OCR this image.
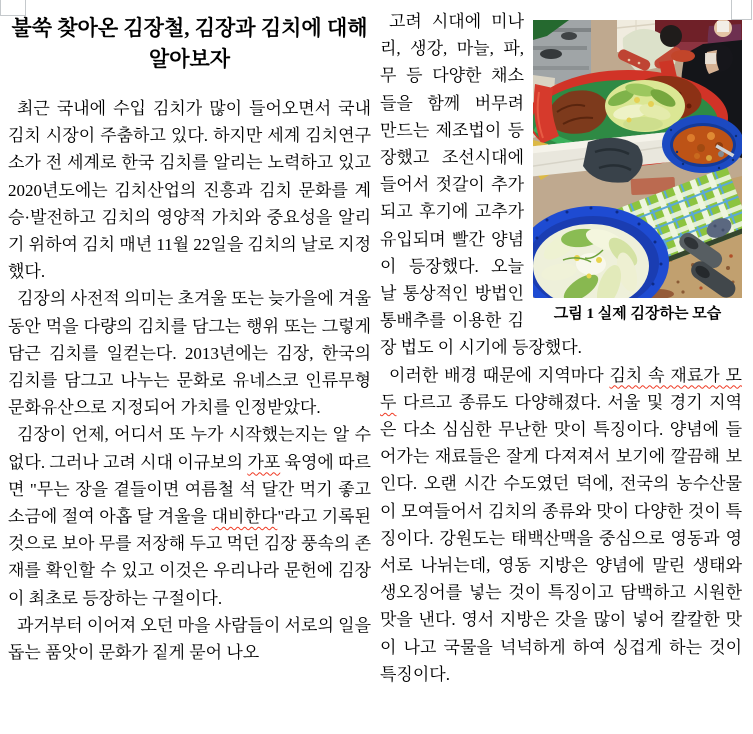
불쑥 찾아온 김장철, 김장과 김치에 대해 알아보자

최근 국내에 수입 김치가 많이 들어오면서 국내 김치 시장이 주춤하고 있다. 하지만 세계 김치연구소가 전 세계로 한국 김치를 알리는 노력하고 있고 2020년도에는 김치산업의 진흥과 김치 문화를 계승·발전하고 김치의 영양적 가치와 중요성을 알리기 위하여 김치 매년 11월 22일을 김치의 날로 지정했다.

김장의 사전적 의미는 초겨울 또는 늦가을에 겨울 동안 먹을 다량의 김치를 담그는 행위 또는 그렇게 담근 김치를 일컫는다. 2013년에는 김장, 한국의 김치를 담그고 나누는 문화로 유네스코 인류무형문화유산으로 지정되어 가치를 인정받았다.

김장이 언제, 어디서 또 누가 시작했는지는 알 수 없다. 그러나 고려 시대 이규보의 가포 육영에 따르면 "무는 장을 곁들이면 여름철 석 달간 먹기 좋고 소금에 절여 아홉 달 겨울을 대비한다"라고 기록된 것으로 보아 무를 저장해 두고 먹던 김장 풍속의 존재를 확인할 수 있고 이것은 우리나라 문헌에 김장이 최초로 등장하는 구절이다.

과거부터 이어져 오던 마을 사람들이 서로의 일을 돕는 품앗이 문화가 짙게 묻어 나오

그림 1 실제 김장하는 모습

고려 시대에 미나리, 생강, 마늘, 파, 무 등 다양한 채소들을 함께 버무려 만드는 제조법이 등장했고 조선시대에 들어서 젓갈이 추가되고 후기에 고추가 유입되며 빨간 양념이 등장했다. 오늘날 통상적인 방법인 통배추를 이용한 김장 법도 이 시기에 등장했다.

이러한 배경 때문에 지역마다 김치 속 재료가 모두 다르고 종류도 다양해졌다. 서울 및 경기 지역은 다소 심심한 무난한 맛이 특징이다. 양념에 들어가는 재료들은 잘게 다져져서 보기에 깔끔해 보인다. 오랜 시간 수도였던 덕에, 전국의 농수산물이 모여들어서 김치의 종류와 맛이 다양한 것이 특징이다. 강원도는 태백산맥을 중심으로 영동과 영서로 나뉘는데, 영동 지방은 양념에 말린 생태와 생오징어를 넣는 것이 특징이고 담백하고 시원한 맛을 낸다. 영서 지방은 갓을 많이 넣어 칼칼한 맛이 나고 국물을 넉넉하게 하여 싱겁게 하는 것이 특징이다.
